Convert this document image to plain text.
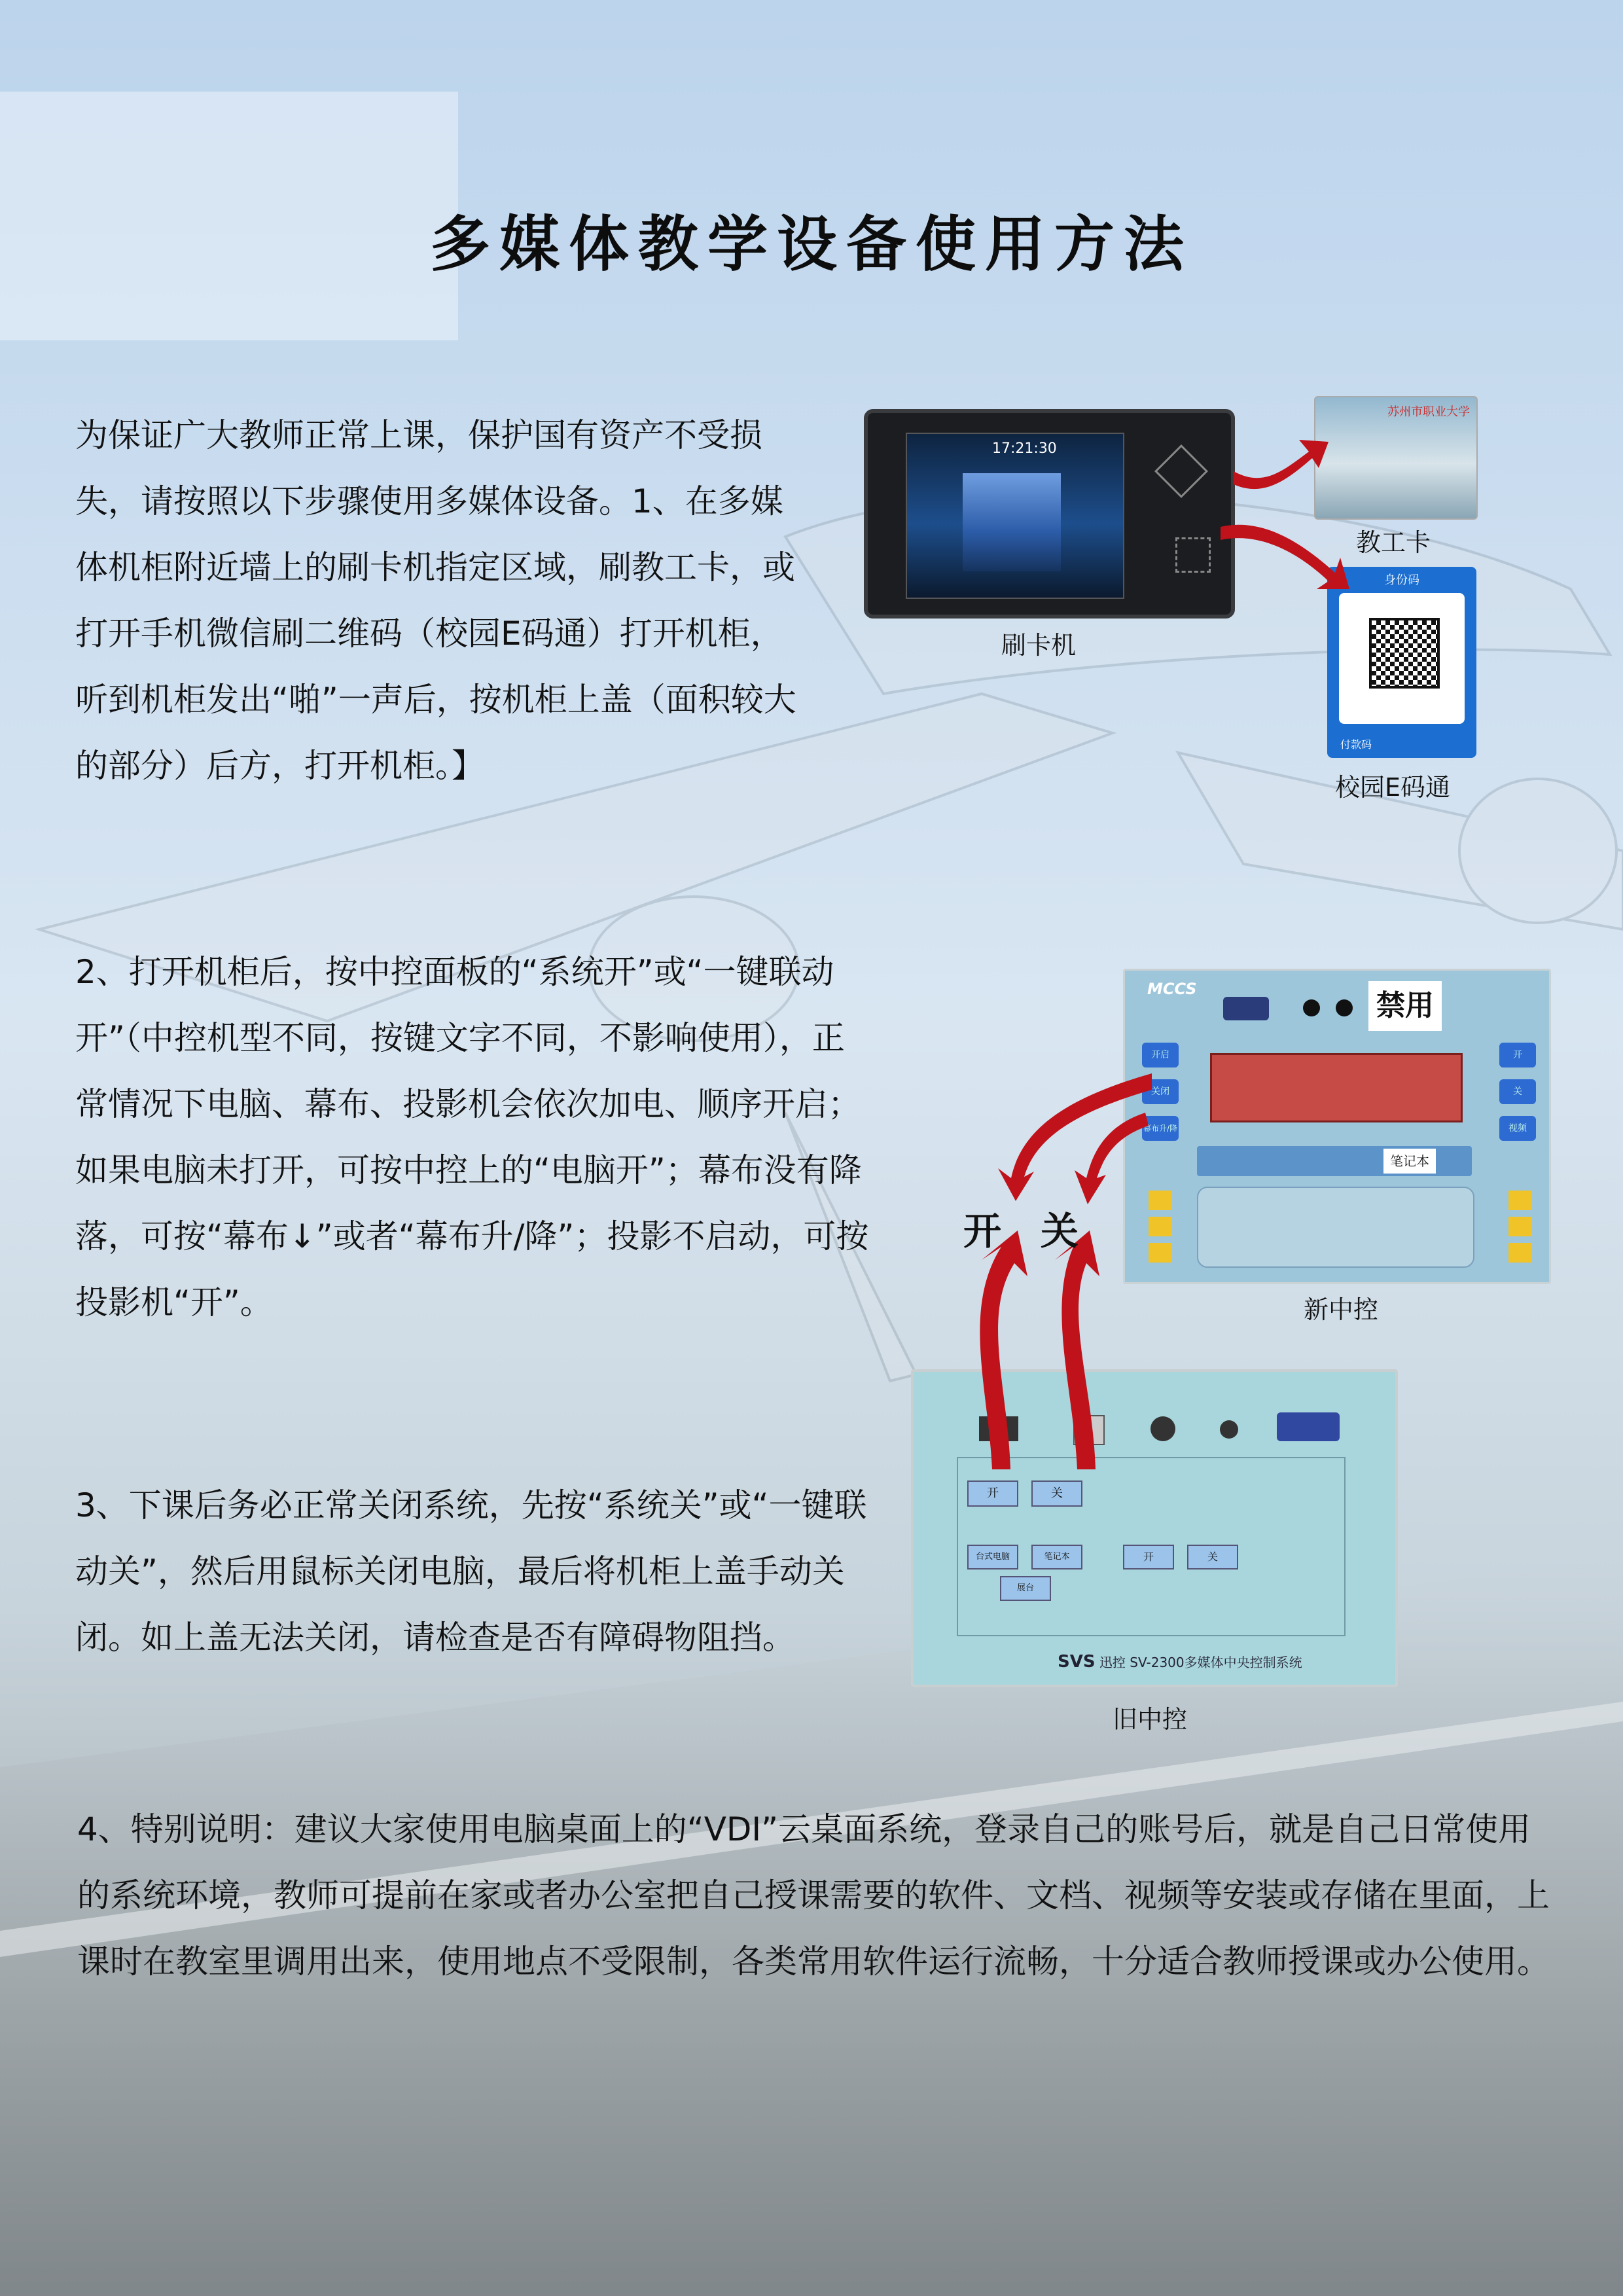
多媒体教学设备使用方法

为保证广大教师正常上课，保护国有资产不受损失，请按照以下步骤使用多媒体设备。1、在多媒体机柜附近墙上的刷卡机指定区域，刷教工卡，或打开手机微信刷二维码（校园E码通）打开机柜，听到机柜发出“啪”一声后，按机柜上盖（面积较大的部分）后方，打开机柜。】

2、打开机柜后，按中控面板的“系统开”或“一键联动开”（中控机型不同，按键文字不同，不影响使用），正常情况下电脑、幕布、投影机会依次加电、顺序开启；如果电脑未打开，可按中控上的“电脑开”；幕布没有降落，可按“幕布↓”或者“幕布升/降”；投影不启动，可按投影机“开”。

3、下课后务必正常关闭系统，先按“系统关”或“一键联动关”，然后用鼠标关闭电脑，最后将机柜上盖手动关闭。如上盖无法关闭，请检查是否有障碍物阻挡。

4、特别说明：建议大家使用电脑桌面上的“VDI”云桌面系统，登录自己的账号后，就是自己日常使用的系统环境，教师可提前在家或者办公室把自己授课需要的软件、文档、视频等安装或存储在里面，上课时在教室里调用出来，使用地点不受限制，各类常用软件运行流畅，十分适合教师授课或办公使用。

17:21:30
刷卡机
苏州市职业大学
教工卡
身份码
付款码
校园E码通
MCCS	禁用
开启
关闭
幕布升/降
开
关
视频
笔记本
新中控
开	关
台式电脑	笔记本
展台
开	关
SVS 迅控 SV-2300多媒体中央控制系统
旧中控
开 关
